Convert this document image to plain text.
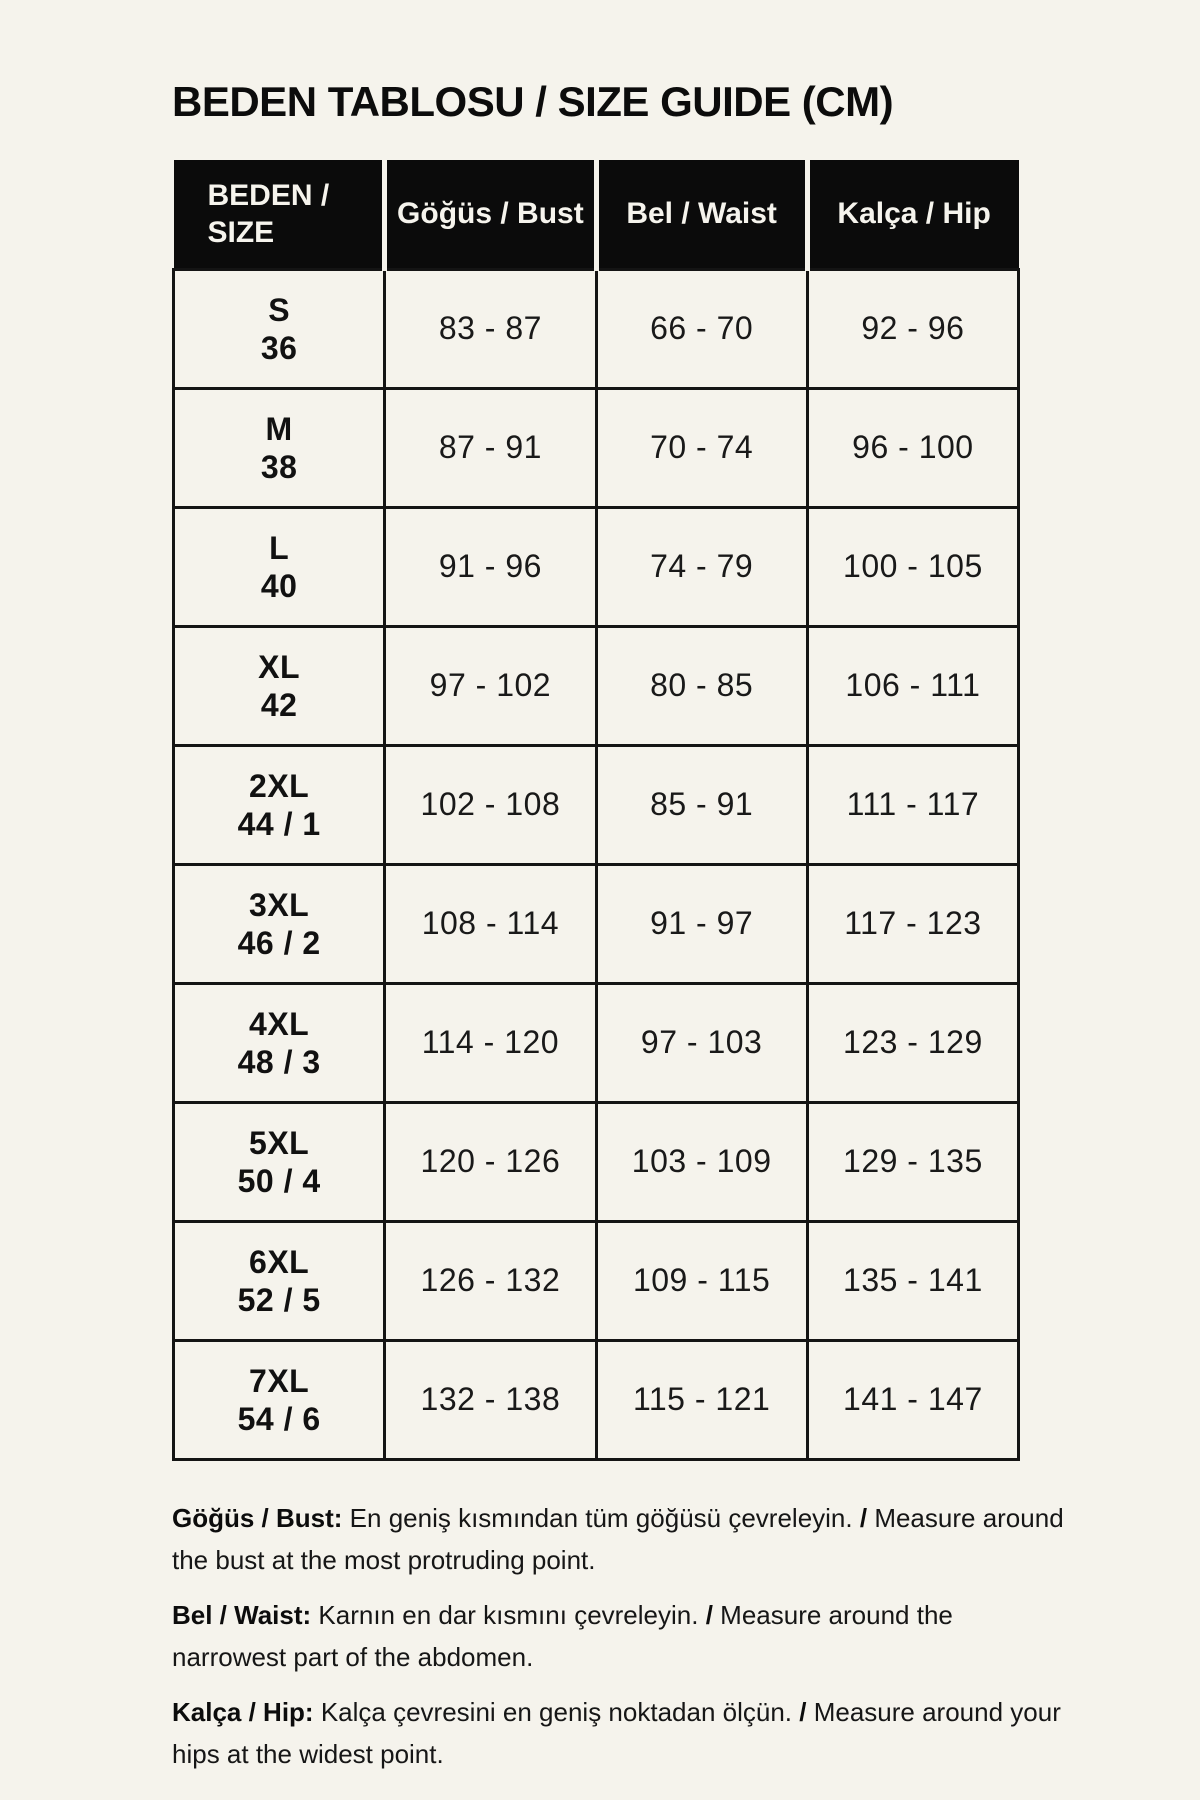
BEDEN TABLOSU / SIZE GUIDE (CM)
BEDEN / SIZE	Göğüs / Bust	Bel / Waist	Kalça / Hip

S
36	83 - 87	66 - 70	92 - 96

M
38	87 - 91	70 - 74	96 - 100

L
40	91 - 96	74 - 79	100 - 105

XL
42	97 - 102	80 - 85	106 - 111

2XL
44 / 1	102 - 108	85 - 91	111 - 117

3XL
46 / 2	108 - 114	91 - 97	117 - 123

4XL
48 / 3	114 - 120	97 - 103	123 - 129

5XL
50 / 4	120 - 126	103 - 109	129 - 135

6XL
52 / 5	126 - 132	109 - 115	135 - 141

7XL
54 / 6	132 - 138	115 - 121	141 - 147

Göğüs / Bust: En geniş kısmından tüm göğüsü çevreleyin. / Measure around the bust at the most protruding point.

Bel / Waist: Karnın en dar kısmını çevreleyin. / Measure around the narrowest part of the abdomen.

Kalça / Hip: Kalça çevresini en geniş noktadan ölçün. / Measure around your hips at the widest point.
